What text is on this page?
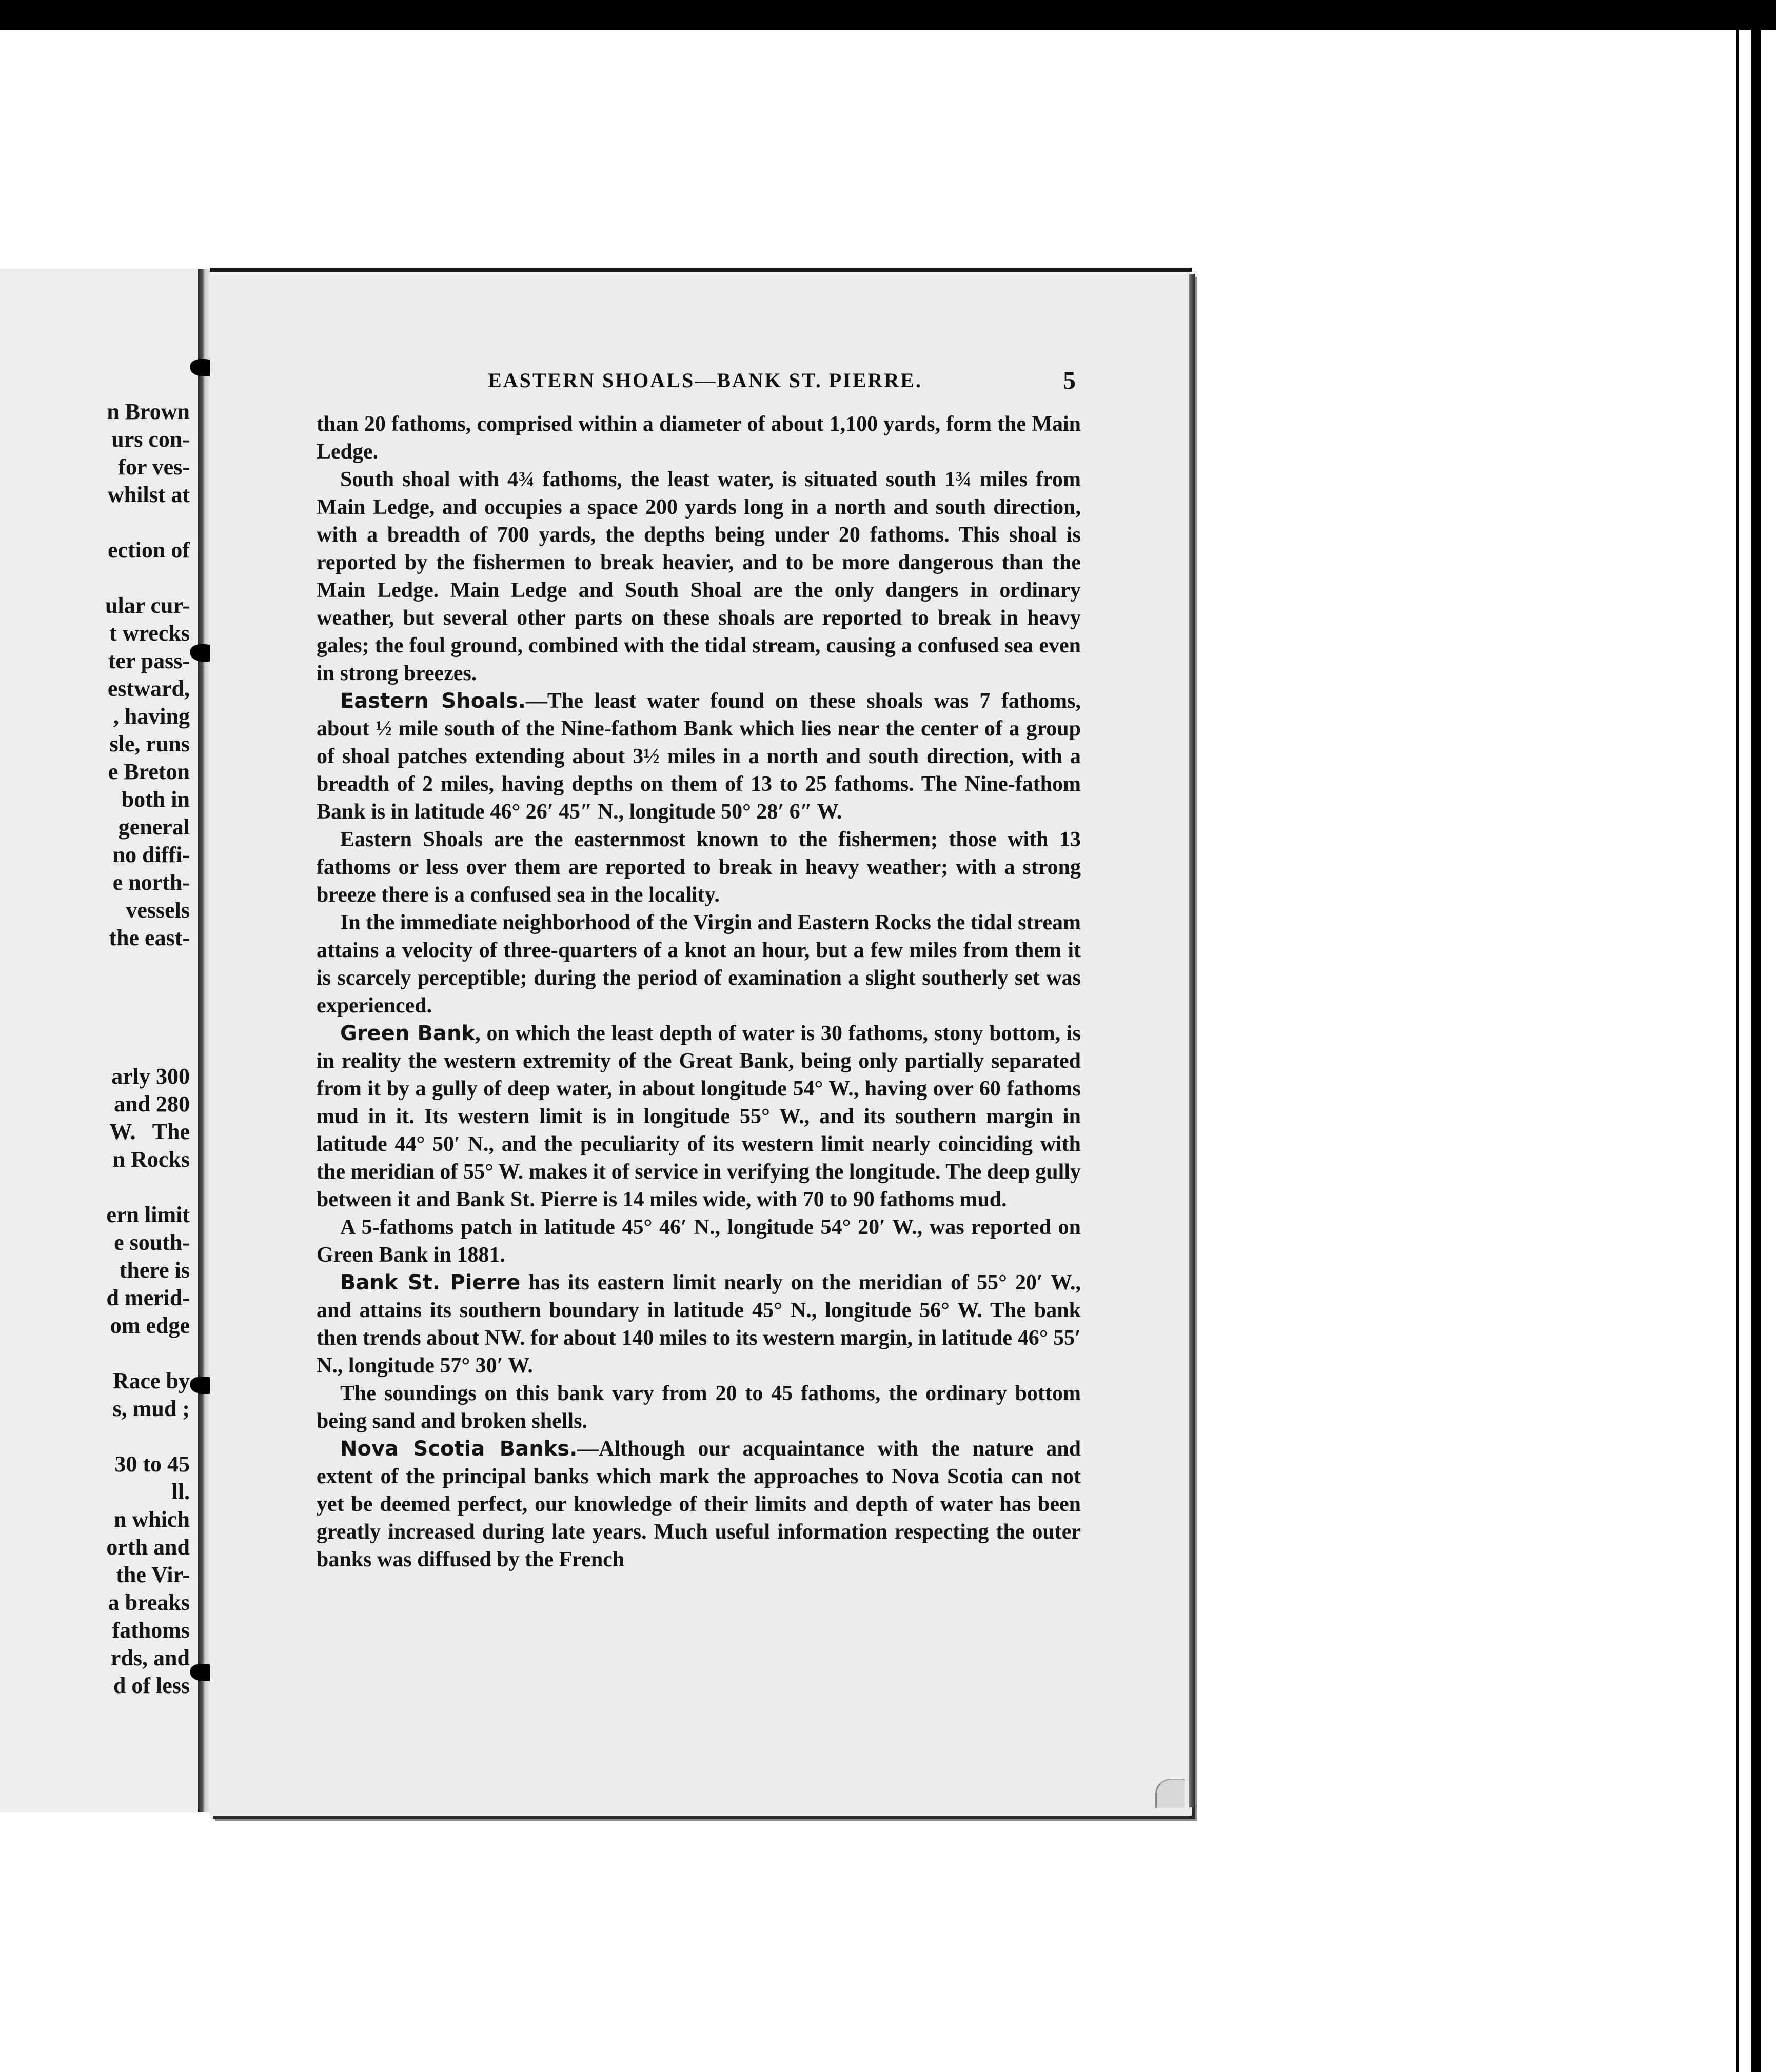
n Brown
urs con-
for ves-
whilst at
ection of
ular cur-
t wrecks
ter pass-
estward,
, having
sle, runs
e Breton
both in
general
no diffi-
e north-
vessels
the east-
arly 300
and 280
W.   The
n Rocks
ern limit
e south-
there is
d merid-
om edge
Race by
s, mud ;
30 to 45
ll.
n which
orth and
the Vir-
a breaks
fathoms
rds, and
d of less
EASTERN SHOALS—BANK ST. PIERRE.	5

than 20 fathoms, comprised within a diameter of about 1,100 yards, form the Main Ledge.

South shoal with 4¾ fathoms, the least water, is situated south 1¾ miles from Main Ledge, and occupies a space 200 yards long in a north and south direction, with a breadth of 700 yards, the depths being under 20 fathoms. This shoal is reported by the fishermen to break heavier, and to be more dangerous than the Main Ledge. Main Ledge and South Shoal are the only dangers in ordinary weather, but several other parts on these shoals are reported to break in heavy gales; the foul ground, combined with the tidal stream, causing a confused sea even in strong breezes.

Eastern Shoals.—The least water found on these shoals was 7 fathoms, about ½ mile south of the Nine-fathom Bank which lies near the center of a group of shoal patches extending about 3½ miles in a north and south direction, with a breadth of 2 miles, having depths on them of 13 to 25 fathoms. The Nine-fathom Bank is in latitude 46° 26′ 45″ N., longitude 50° 28′ 6″ W.

Eastern Shoals are the easternmost known to the fishermen; those with 13 fathoms or less over them are reported to break in heavy weather; with a strong breeze there is a confused sea in the locality.

In the immediate neighborhood of the Virgin and Eastern Rocks the tidal stream attains a velocity of three-quarters of a knot an hour, but a few miles from them it is scarcely perceptible; during the period of examination a slight southerly set was experienced.

Green Bank, on which the least depth of water is 30 fathoms, stony bottom, is in reality the western extremity of the Great Bank, being only partially separated from it by a gully of deep water, in about longitude 54° W., having over 60 fathoms mud in it. Its western limit is in longitude 55° W., and its southern margin in latitude 44° 50′ N., and the peculiarity of its western limit nearly coinciding with the meridian of 55° W. makes it of service in verifying the longitude. The deep gully between it and Bank St. Pierre is 14 miles wide, with 70 to 90 fathoms mud.

A 5-fathoms patch in latitude 45° 46′ N., longitude 54° 20′ W., was reported on Green Bank in 1881.

Bank St. Pierre has its eastern limit nearly on the meridian of 55° 20′ W., and attains its southern boundary in latitude 45° N., longitude 56° W. The bank then trends about NW. for about 140 miles to its western margin, in latitude 46° 55′ N., longitude 57° 30′ W.

The soundings on this bank vary from 20 to 45 fathoms, the ordinary bottom being sand and broken shells.

Nova Scotia Banks.—Although our acquaintance with the nature and extent of the principal banks which mark the approaches to Nova Scotia can not yet be deemed perfect, our knowledge of their limits and depth of water has been greatly increased during late years. Much useful information respecting the outer banks was diffused by the French
